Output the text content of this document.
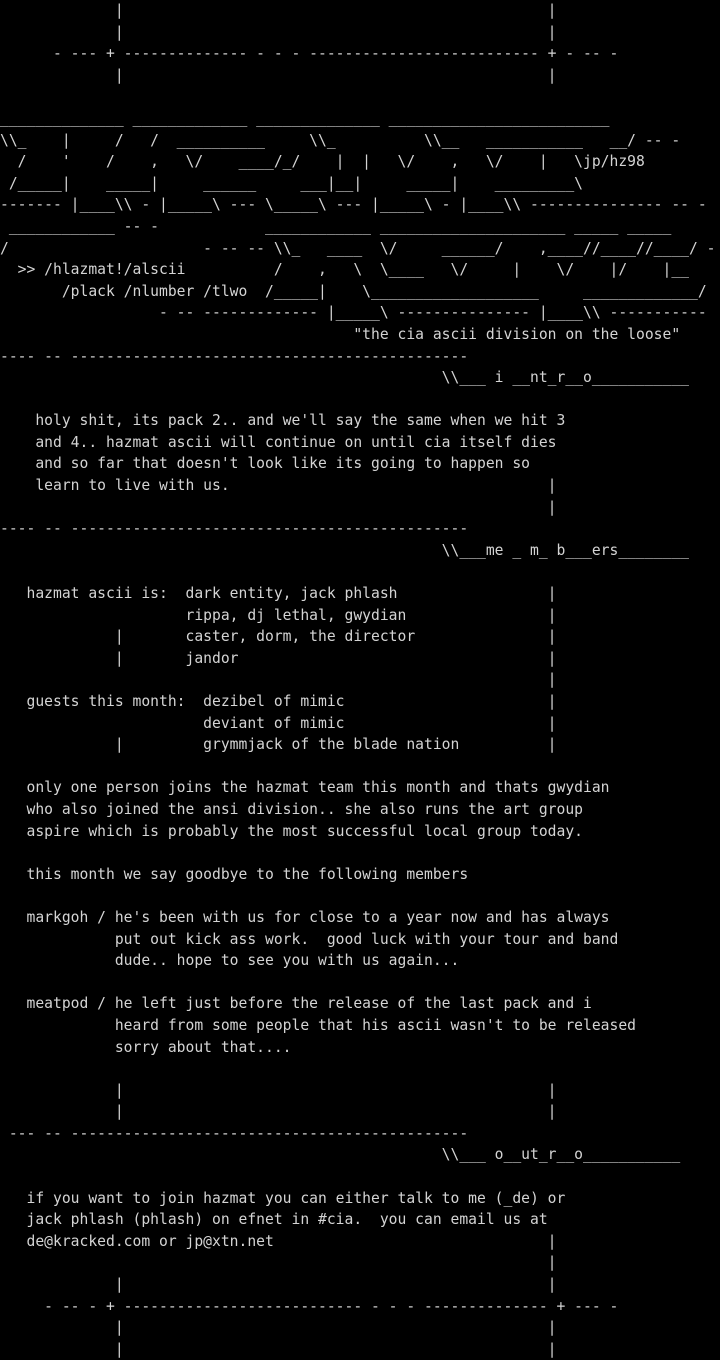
|                                                |
|                                                |
- --- + -------------- - - - -------------------------- + - -- -
|                                                |
______________ _____________ ______________ _________________________
\\_    |     /   /  __________     \\_          \\__   ___________   __/ -- -
/    '    /    ,   \/    ____/_/    |  |   \/    ,   \/    |   \jp/hz98
/_____|    _____|     ______     ___|__|     _____|    _________\
------- |____\\ - |_____\ --- \_____\ --- |_____\ - |____\\ --------------- -- -
____________ -- -            ____________ _____________________ _____ _____
/                      - -- -- \\_   ____  \/     ______/    ,____//____//____/ -
>> /hlazmat!/alscii          /    ,   \  \____   \/     |    \/    |/    |__
/plack /nlumber /tlwo  /_____|    \___________________     _____________/
- -- ------------- |_____\ --------------- |____\\ -----------
"the cia ascii division on the loose"
---- -- ---------------------------------------------
\\___ i __nt_r__o___________
holy shit, its pack 2.. and we'll say the same when we hit 3
and 4.. hazmat ascii will continue on until cia itself dies
and so far that doesn't look like its going to happen so
learn to live with us.                                    |
|
---- -- ---------------------------------------------
\\___me _ m_ b___ers________
hazmat ascii is:  dark entity, jack phlash                 |
rippa, dj lethal, gwydian                |
|       caster, dorm, the director               |
|       jandor                                   |
|
guests this month:  dezibel of mimic                       |
deviant of mimic                       |
|         grymmjack of the blade nation          |
only one person joins the hazmat team this month and thats gwydian
who also joined the ansi division.. she also runs the art group
aspire which is probably the most successful local group today.
this month we say goodbye to the following members
markgoh / he's been with us for close to a year now and has always
put out kick ass work.  good luck with your tour and band
dude.. hope to see you with us again...
meatpod / he left just before the release of the last pack and i
heard from some people that his ascii wasn't to be released
sorry about that....
|                                                |
|                                                |
--- -- ---------------------------------------------
\\___ o__ut_r__o___________
if you want to join hazmat you can either talk to me (_de) or
jack phlash (phlash) on efnet in #cia.  you can email us at
de@kracked.com or jp@xtn.net                               |
|
|                                                |
- -- - + --------------------------- - - - -------------- + --- -
|                                                |
|                                                |
